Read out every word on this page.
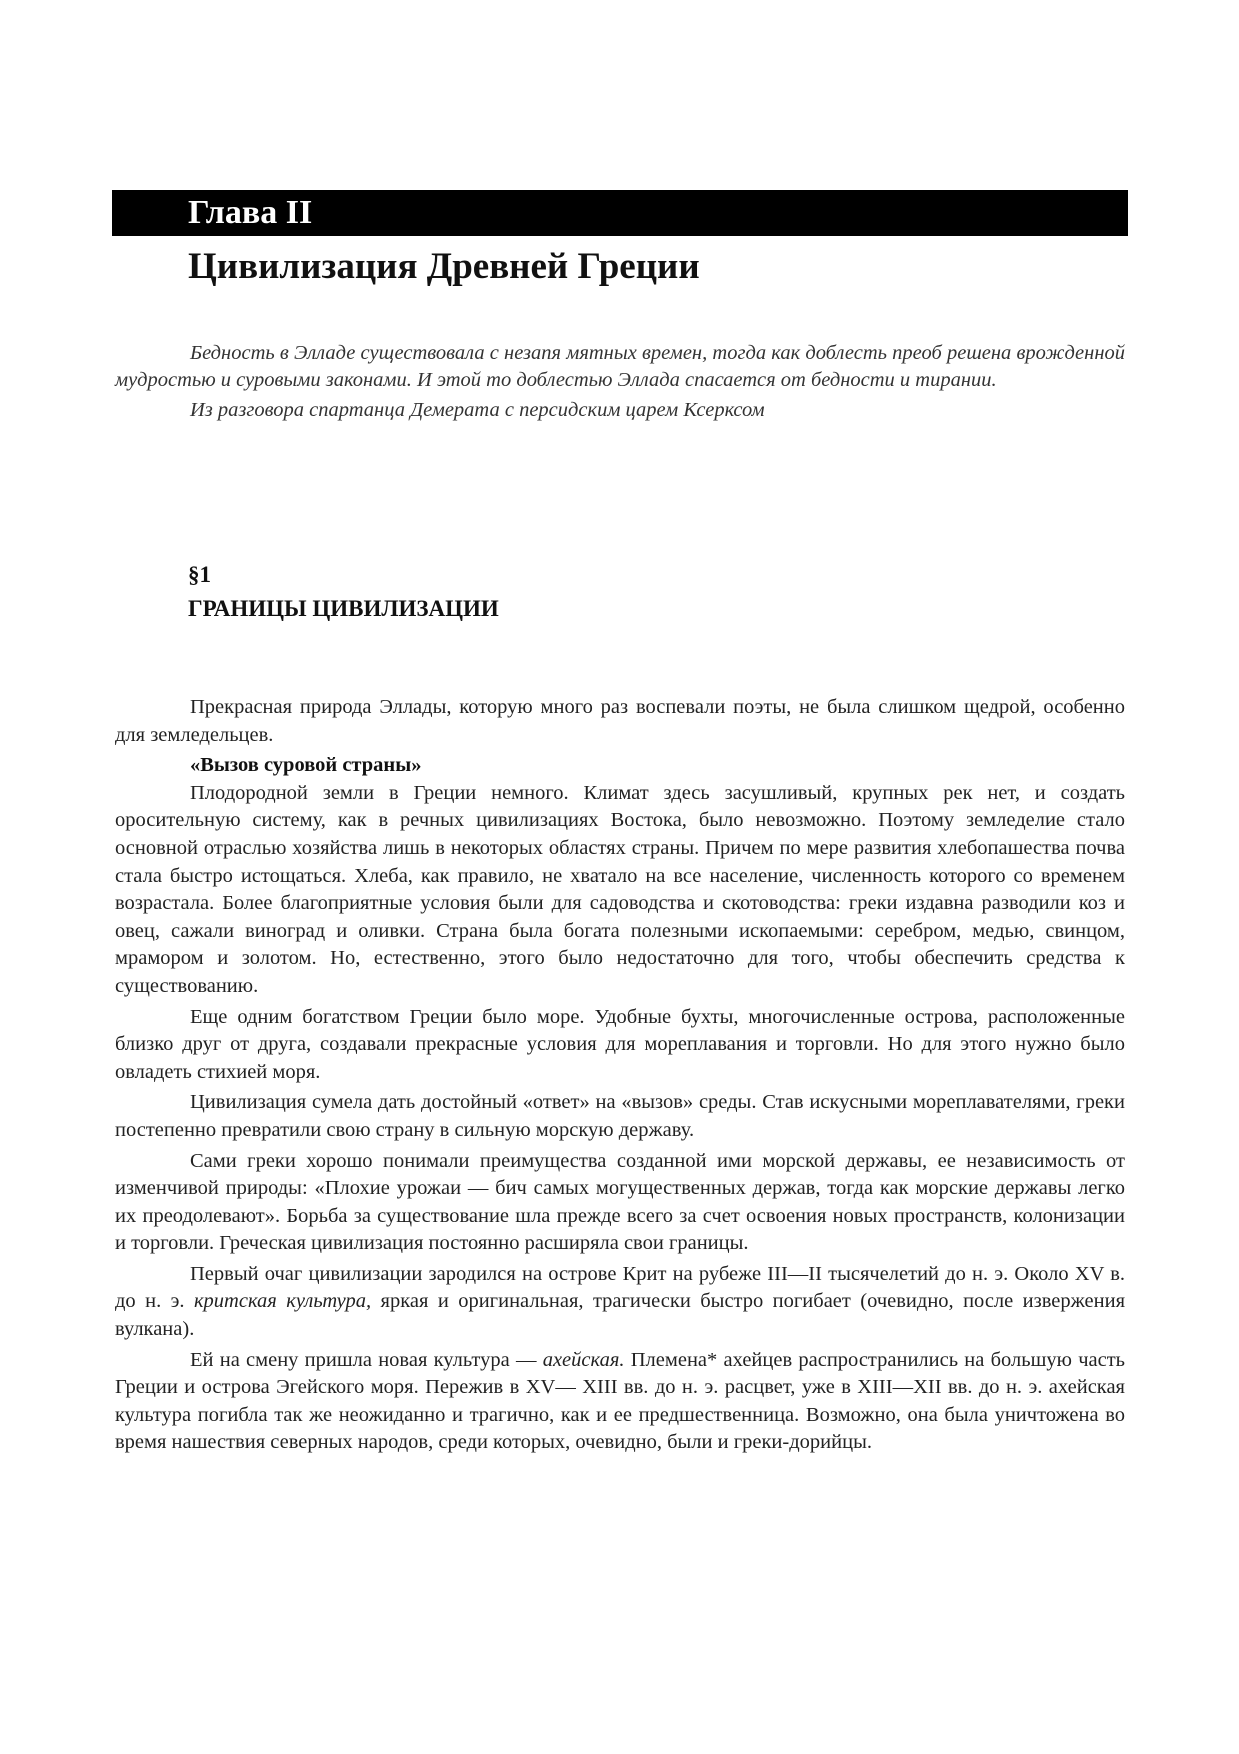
Глава II
Цивилизация Древней Греции

Бедность в Элладе существовала с незапя мятных времен, тогда как доблесть преоб решена врожденной мудростью и суровыми законами. И этой то доблестью Эллада спасается от бедности и тирании.

Из разговора спартанца Демерата с персидским царем Ксерксом

§1
ГРАНИЦЫ ЦИВИЛИЗАЦИИ

Прекрасная природа Эллады, которую много раз воспевали поэты, не была слишком щедрой, особенно для земледельцев.

«Вызов суровой страны»

Плодородной земли в Греции немного. Климат здесь засушливый, крупных рек нет, и создать оросительную систему, как в речных цивилизациях Востока, было невозможно. Поэтому земледелие стало основной отраслью хозяйства лишь в некоторых областях страны. Причем по мере развития хлебопашества почва стала быстро истощаться. Хлеба, как правило, не хватало на все население, численность которого со временем возрастала. Более благоприятные условия были для садоводства и скотоводства: греки издавна разводили коз и овец, сажали виноград и оливки. Страна была богата полезными ископаемыми: серебром, медью, свинцом, мрамором и золотом. Но, естественно, этого было недостаточно для того, чтобы обеспечить средства к существованию.

Еще одним богатством Греции было море. Удобные бухты, многочисленные острова, расположенные близко друг от друга, создавали прекрасные условия для мореплавания и торговли. Но для этого нужно было овладеть стихией моря.

Цивилизация сумела дать достойный «ответ» на «вызов» среды. Став искусными мореплавателями, греки постепенно превратили свою страну в сильную морскую державу.

Сами греки хорошо понимали преимущества созданной ими морской державы, ее независимость от изменчивой природы: «Плохие урожаи — бич самых могущественных держав, тогда как морские державы легко их преодолевают». Борьба за существование шла прежде всего за счет освоения новых пространств, колонизации и торговли. Греческая цивилизация постоянно расширяла свои границы.

Первый очаг цивилизации зародился на острове Крит на рубеже III—II тысячелетий до н. э. Около XV в. до н. э. критская культура, яркая и оригинальная, трагически быстро погибает (очевидно, после извержения вулкана).

Ей на смену пришла новая культура — ахейская. Племена* ахейцев распространились на большую часть Греции и острова Эгейского моря. Пережив в XV— XIII вв. до н. э. расцвет, уже в XIII—XII вв. до н. э. ахейская культура погибла так же неожиданно и трагично, как и ее предшественница. Возможно, она была уничтожена во время нашествия северных народов, среди которых, очевидно, были и греки-дорийцы.
